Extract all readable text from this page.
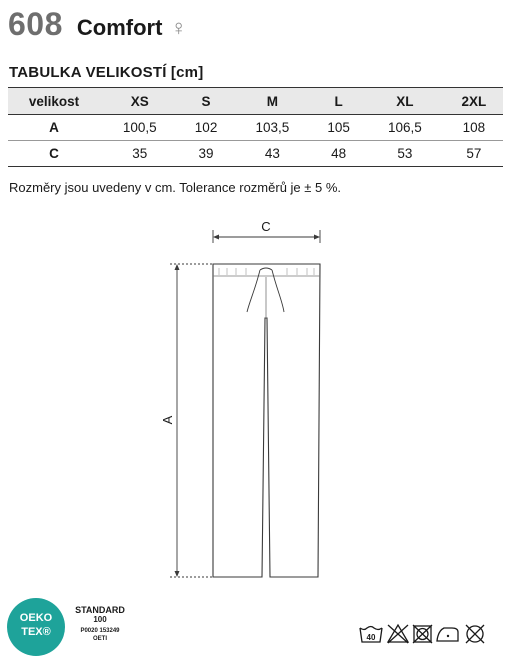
608 Comfort ♀
TABULKA VELIKOSTÍ [cm]
velikost	XS	S	M	L	XL	2XL
A	100,5	102	103,5	105	106,5	108
C	35	39	43	48	53	57
Rozměry jsou uvedeny v cm. Tolerance rozměrů je ± 5 %.
C
A
OEKO
TEX®
STANDARD
100
P0020 153249
OETI	40
